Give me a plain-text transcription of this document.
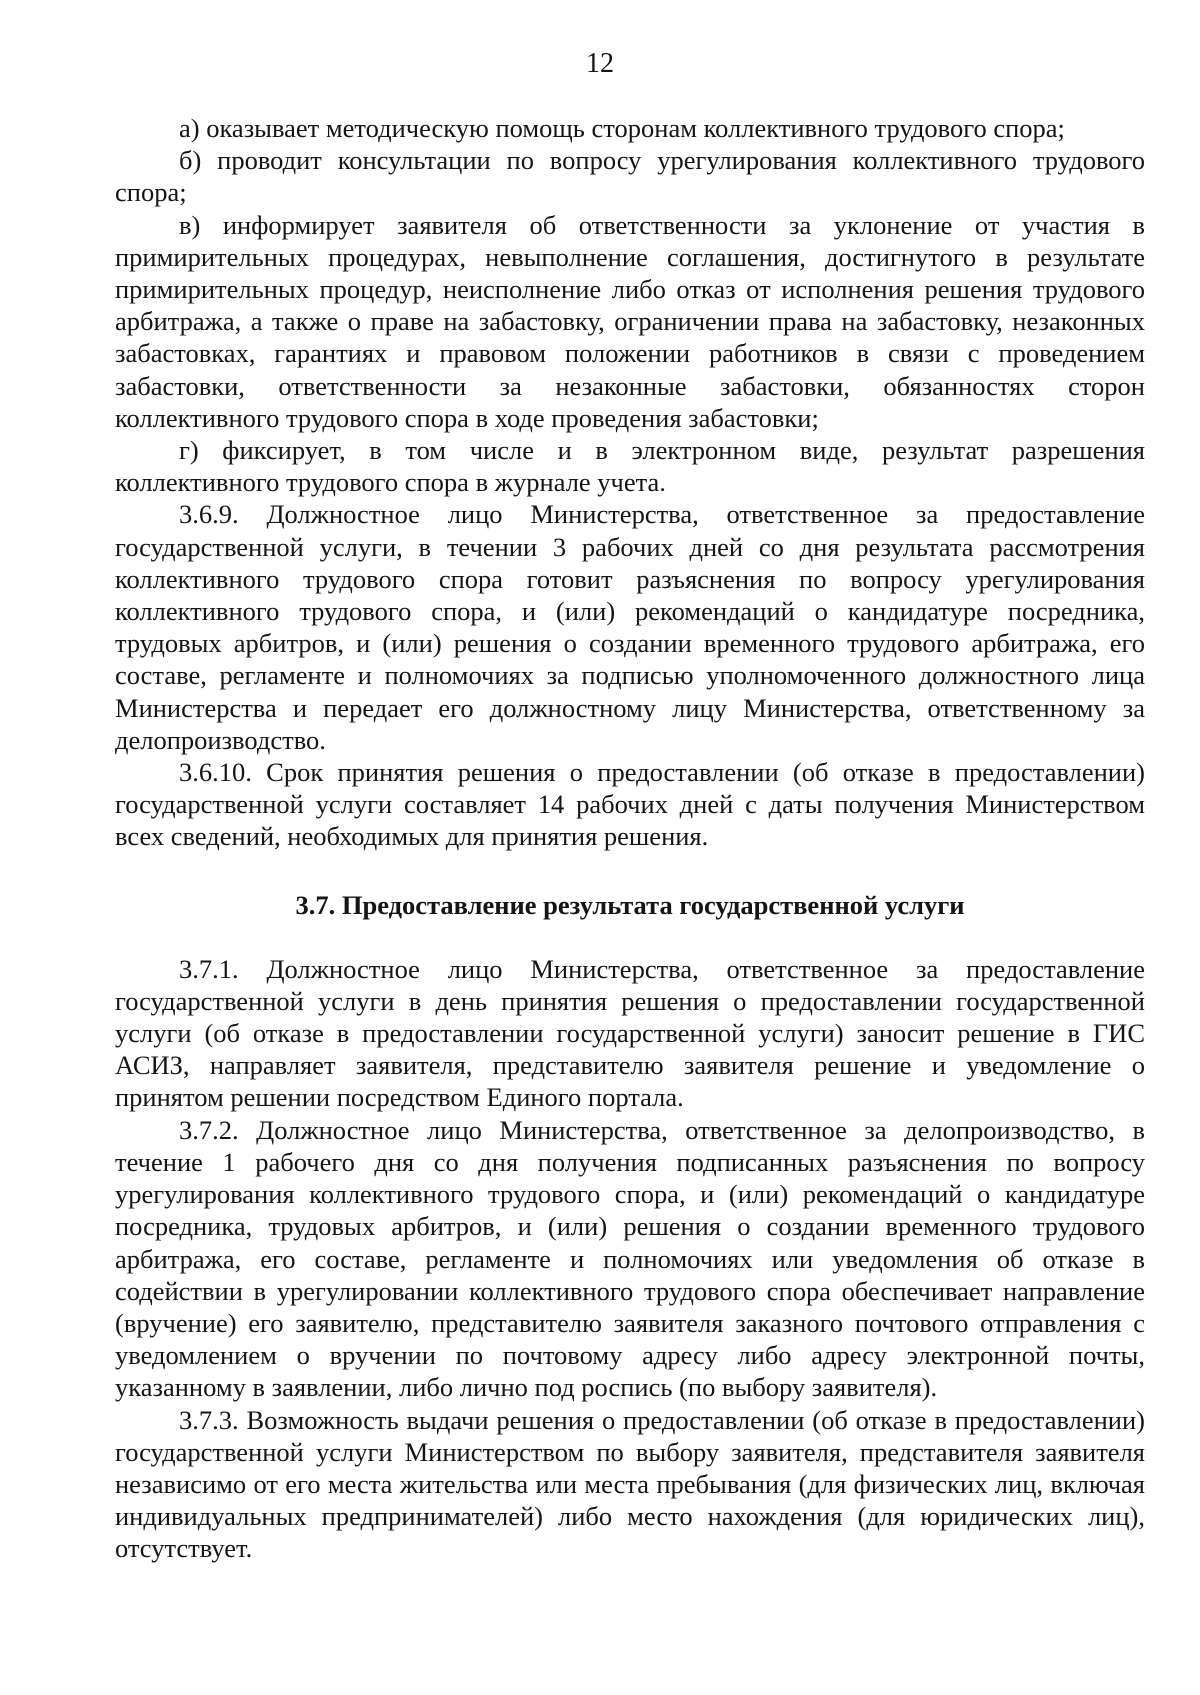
12

а) оказывает методическую помощь сторонам коллективного трудового спора;

б) проводит консультации по вопросу урегулирования коллективного трудового спора;

в) информирует заявителя об ответственности за уклонение от участия в примирительных процедурах, невыполнение соглашения, достигнутого в результате примирительных процедур, неисполнение либо отказ от исполнения решения трудового арбитража, а также о праве на забастовку, ограничении права на забастовку, незаконных забастовках, гарантиях и правовом положении работников в связи с проведением забастовки, ответственности за незаконные забастовки, обязанностях сторон коллективного трудового спора в ходе проведения забастовки;

г) фиксирует, в том числе и в электронном виде, результат разрешения коллективного трудового спора в журнале учета.

3.6.9. Должностное лицо Министерства, ответственное за предоставление государственной услуги, в течении 3 рабочих дней со дня результата рассмотрения коллективного трудового спора готовит разъяснения по вопросу урегулирования коллективного трудового спора, и (или) рекомендаций о кандидатуре посредника, трудовых арбитров, и (или) решения о создании временного трудового арбитража, его составе, регламенте и полномочиях за подписью уполномоченного должностного лица Министерства и передает его должностному лицу Министерства, ответственному за делопроизводство.

3.6.10. Срок принятия решения о предоставлении (об отказе в предоставлении) государственной услуги составляет 14 рабочих дней с даты получения Министерством всех сведений, необходимых для принятия решения.

3.7. Предоставление результата государственной услуги

3.7.1. Должностное лицо Министерства, ответственное за предоставление государственной услуги в день принятия решения о предоставлении государственной услуги (об отказе в предоставлении государственной услуги) заносит решение в ГИС АСИЗ, направляет заявителя, представителю заявителя решение и уведомление о принятом решении посредством Единого портала.

3.7.2. Должностное лицо Министерства, ответственное за делопроизводство, в течение 1 рабочего дня со дня получения подписанных разъяснения по вопросу урегулирования коллективного трудового спора, и (или) рекомендаций о кандидатуре посредника, трудовых арбитров, и (или) решения о создании временного трудового арбитража, его составе, регламенте и полномочиях или уведомления об отказе в содействии в урегулировании коллективного трудового спора обеспечивает направление (вручение) его заявителю, представителю заявителя заказного почтового отправления с уведомлением о вручении по почтовому адресу либо адресу электронной почты, указанному в заявлении, либо лично под роспись (по выбору заявителя).

3.7.3. Возможность выдачи решения о предоставлении (об отказе в предоставлении) государственной услуги Министерством по выбору заявителя, представителя заявителя независимо от его места жительства или места пребывания (для физических лиц, включая индивидуальных предпринимателей) либо место нахождения (для юридических лиц), отсутствует.
